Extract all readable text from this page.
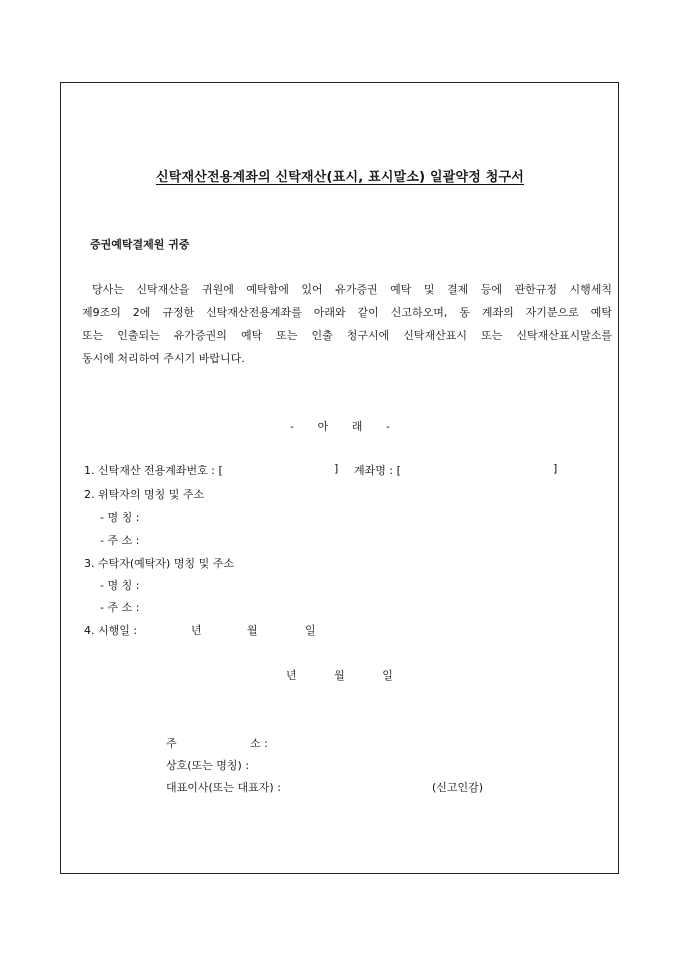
신탁재산전용계좌의 신탁재산(표시, 표시말소) 일괄약정 청구서
증권예탁결제원 귀중
당사는 신탁재산을 귀원에 예탁함에 있어 유가증권 예탁 및 결제 등에 관한규정 시행세칙
제9조의 2에 규정한 신탁재산전용계좌를 아래와 같이 신고하오며, 동 계좌의 자기분으로 예탁
또는 인출되는 유가증권의 예탁 또는 인출 청구시에 신탁재산표시 또는 신탁재산표시말소를
동시에 처리하여 주시기 바랍니다.
- 아 래 -
1. 신탁재산 전용계좌번호 : [	] 계좌명 : [	]
2. 위탁자의 명칭 및 주소
- 명 칭 :
- 주 소 :
3. 수탁자(예탁자) 명칭 및 주소
- 명 칭 :
- 주 소 :
4. 시행일 :	년	월	일
년 월 일
주	소 :
상호(또는 명칭) :
대표이사(또는 대표자) :	(신고인감)
